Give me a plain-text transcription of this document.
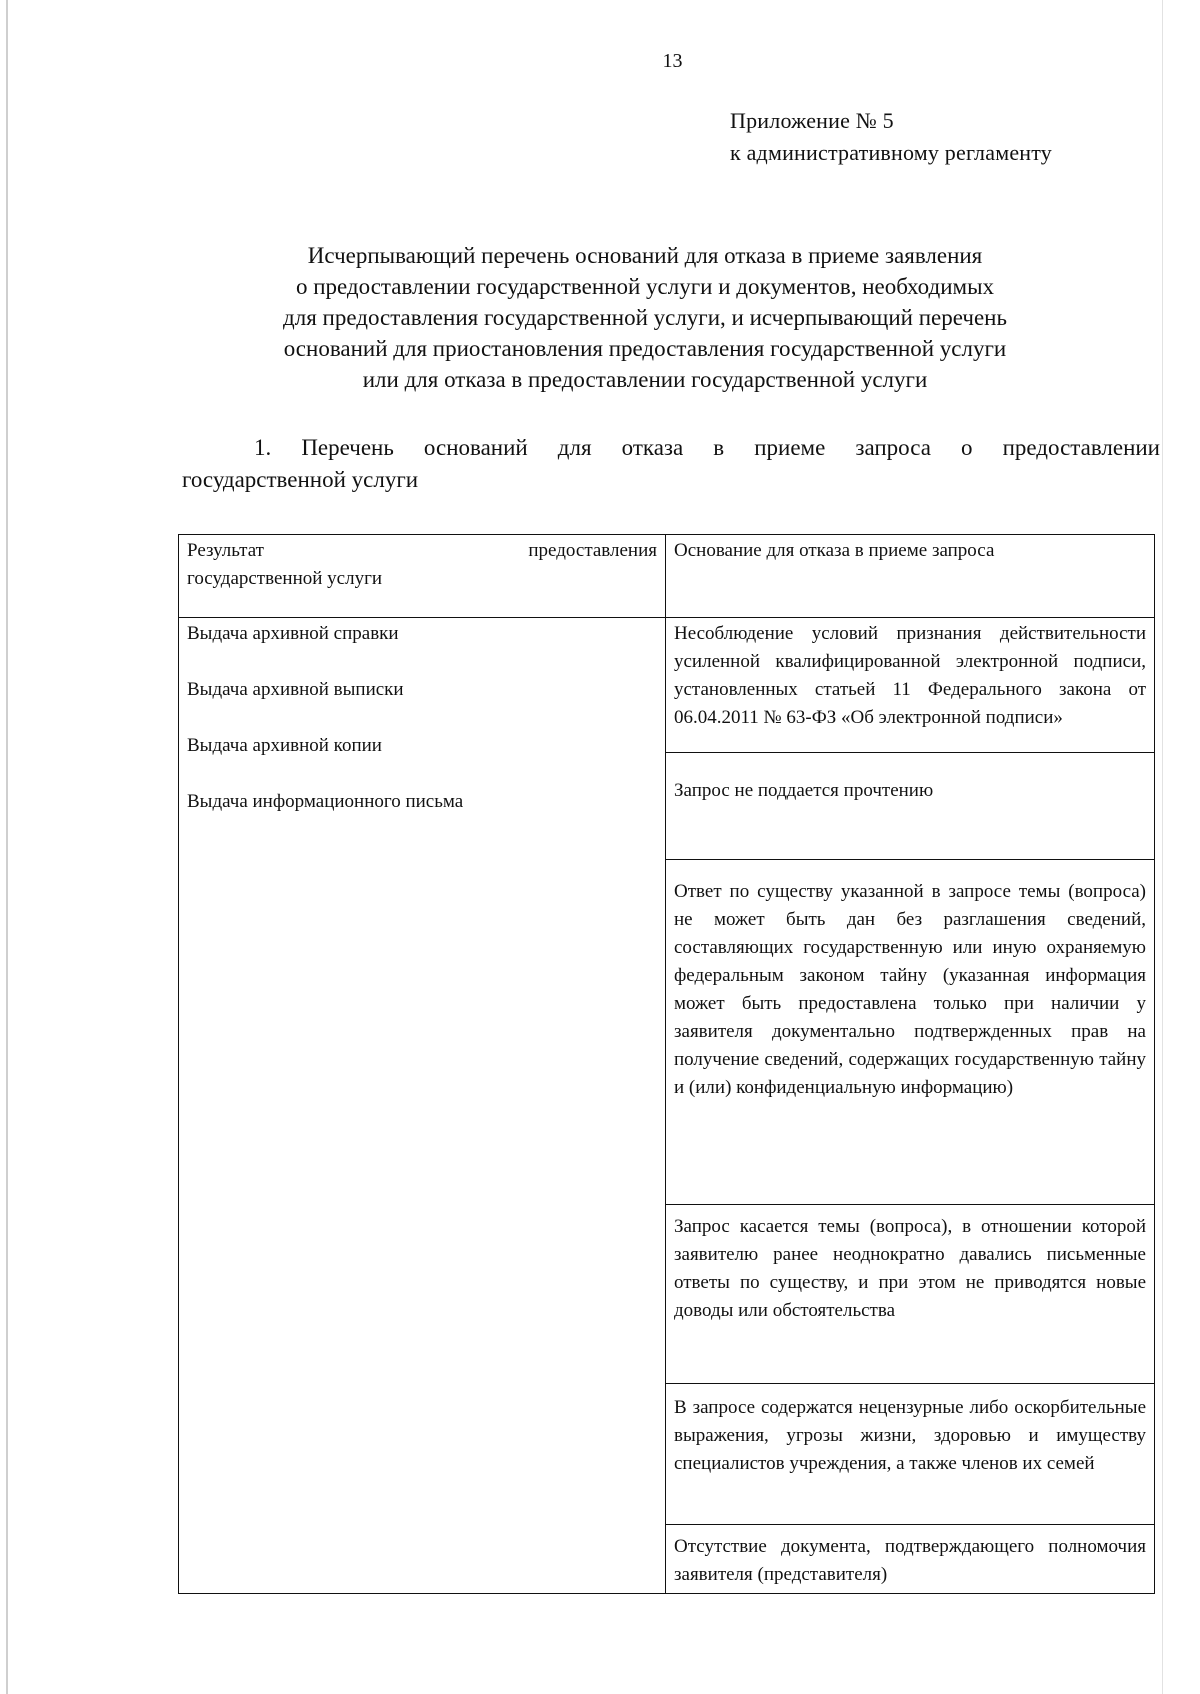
13
Приложение № 5
к административному регламенту
Исчерпывающий перечень оснований для отказа в приеме заявления
о предоставлении государственной услуги и документов, необходимых
для предоставления государственной услуги, и исчерпывающий перечень
оснований для приостановления предоставления государственной услуги
или для отказа в предоставлении государственной услуги
1. Перечень оснований для отказа в приеме запроса о предоставлении
государственной услуги
Результат предоставления
государственной услуги	Основание для отказа в приеме запроса

Выдача архивной справки
Выдача архивной выписки
Выдача архивной копии
Выдача информационного письма	Несоблюдение условий признания действительности усиленной квалифицированной электронной подписи, установленных статьей 11 Федерального закона от 06.04.2011 № 63-ФЗ «Об электронной подписи»
	Запрос не поддается прочтению
	Ответ по существу указанной в запросе темы (вопроса) не может быть дан без разглашения сведений, составляющих государственную или иную охраняемую федеральным законом тайну (указанная информация может быть предоставлена только при наличии у заявителя документально подтвержденных прав на получение сведений, содержащих государственную тайну и (или) конфиденциальную информацию)
	Запрос касается темы (вопроса), в отношении которой заявителю ранее неоднократно давались письменные ответы по существу, и при этом не приводятся новые доводы или обстоятельства
	В запросе содержатся нецензурные либо оскорбительные выражения, угрозы жизни, здоровью и имуществу специалистов учреждения, а также членов их семей
	Отсутствие документа, подтверждающего полномочия заявителя (представителя)
